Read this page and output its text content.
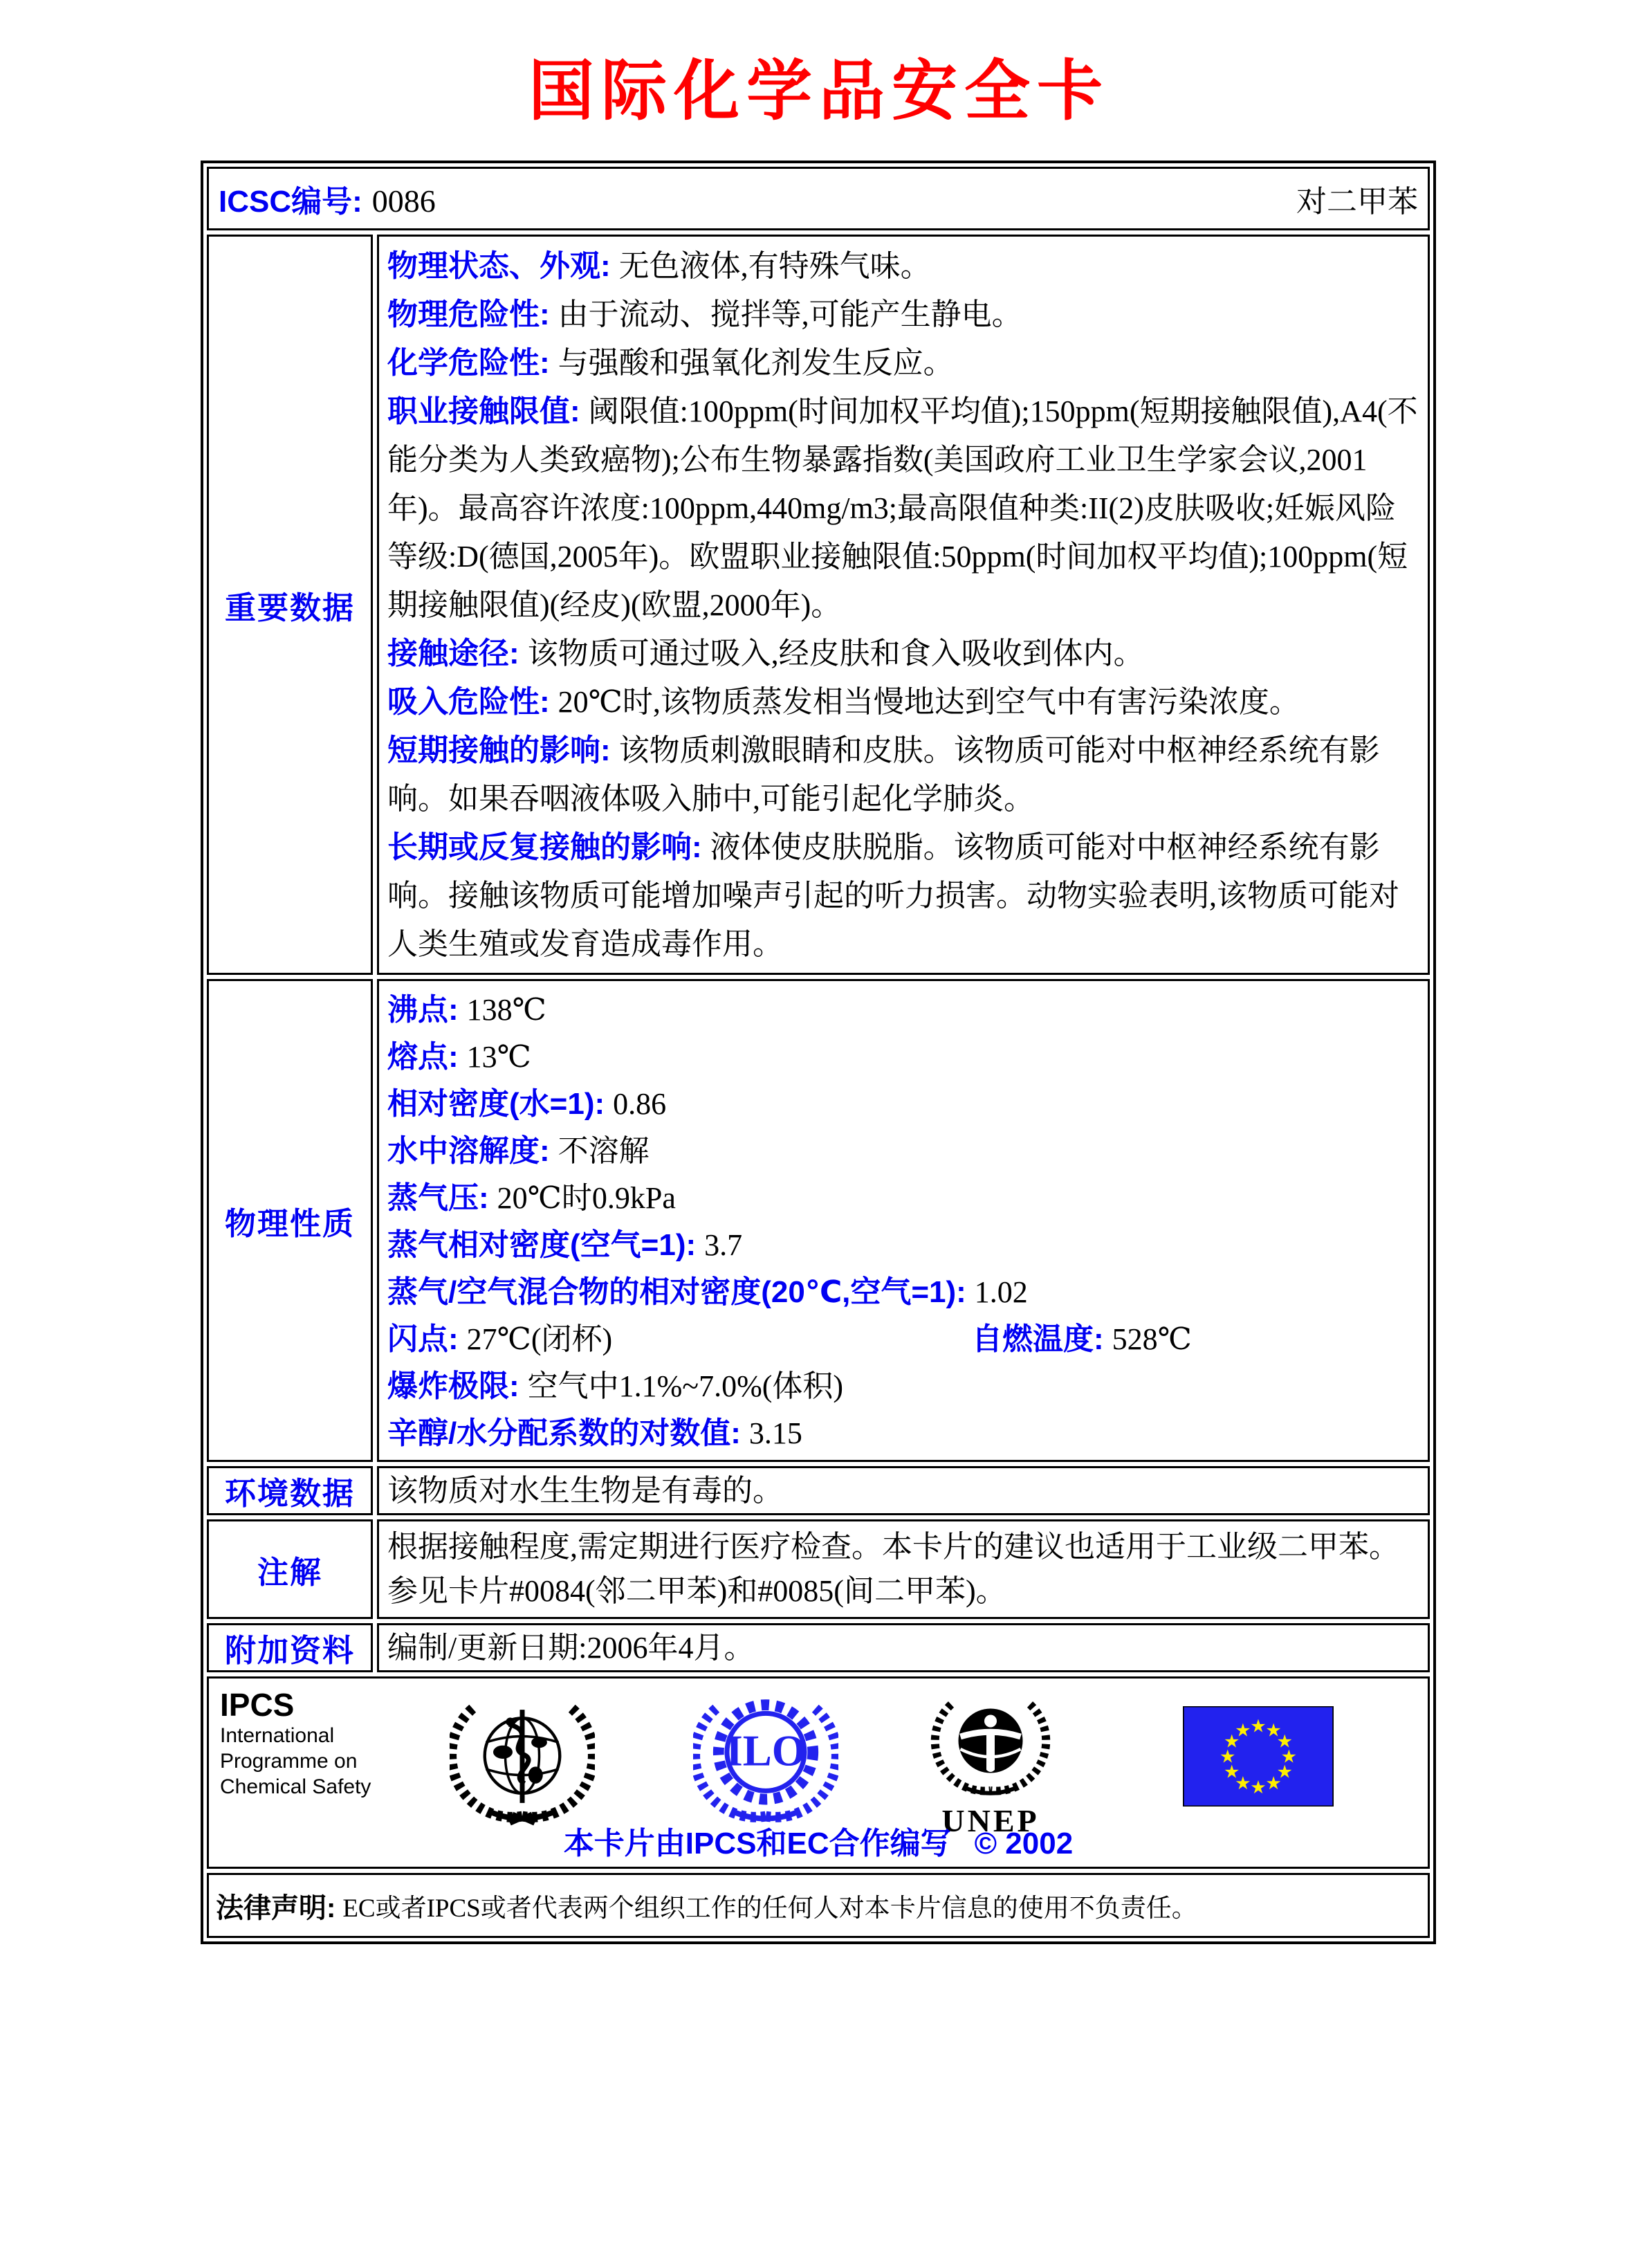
国际化学品安全卡
ICSC编号: 0086	对二甲苯
重要数据
物理状态、外观: 无色液体,有特殊气味。
物理危险性: 由于流动、搅拌等,可能产生静电。
化学危险性: 与强酸和强氧化剂发生反应。
职业接触限值: 阈限值:100ppm(时间加权平均值);150ppm(短期接触限值),A4(不能分类为人类致癌物);公布生物暴露指数(美国政府工业卫生学家会议,2001年)。最高容许浓度:100ppm,440mg/m3;最高限值种类:II(2)皮肤吸收;妊娠风险等级:D(德国,2005年)。欧盟职业接触限值:50ppm(时间加权平均值);100ppm(短期接触限值)(经皮)(欧盟,2000年)。
接触途径: 该物质可通过吸入,经皮肤和食入吸收到体内。
吸入危险性: 20℃时,该物质蒸发相当慢地达到空气中有害污染浓度。
短期接触的影响: 该物质刺激眼睛和皮肤。该物质可能对中枢神经系统有影响。如果吞咽液体吸入肺中,可能引起化学肺炎。
长期或反复接触的影响: 液体使皮肤脱脂。该物质可能对中枢神经系统有影响。接触该物质可能增加噪声引起的听力损害。动物实验表明,该物质可能对人类生殖或发育造成毒作用。
物理性质
沸点: 138℃
熔点: 13℃
相对密度(水=1): 0.86
水中溶解度: 不溶解
蒸气压: 20℃时0.9kPa
蒸气相对密度(空气=1): 3.7
蒸气/空气混合物的相对密度(20℃,空气=1): 1.02
闪点: 27℃(闭杯)	自燃温度: 528℃
爆炸极限: 空气中1.1%~7.0%(体积)
辛醇/水分配系数的对数值: 3.15
环境数据	该物质对水生生物是有毒的。
注解
根据接触程度,需定期进行医疗检查。本卡片的建议也适用于工业级二甲苯。参见卡片#0084(邻二甲苯)和#0085(间二甲苯)。
附加资料	编制/更新日期:2006年4月。
IPCS
International
Programme on
Chemical Safety
ILO
UNEP
★
★
★
★
★
★
★
★
★
★
★
★
本卡片由IPCS和EC合作编写 © 2002
法律声明: EC或者IPCS或者代表两个组织工作的任何人对本卡片信息的使用不负责任。
